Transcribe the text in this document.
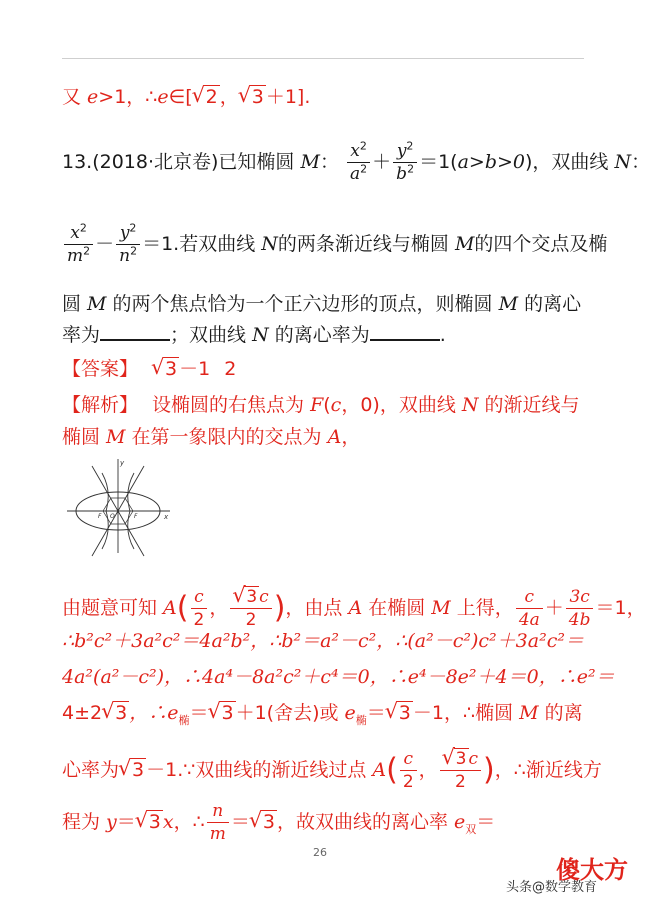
又 e>1，∴e∈[√ 2 ，√ 3 ＋1].
13.(2018·北京卷)已知椭圆 M： $\frac{x^2}{a^2} + \frac{y^2}{b^2} =1(a>b>0)$，双曲线 N：
$\frac{x^2}{m^2} - \frac{y^2}{n^2} =1$.若双曲线 N的两条渐近线与椭圆 M的四个交点及椭
圆 M 的两个焦点恰为一个正六边形的顶点，则椭圆 M 的离心
率为	；双曲线 N 的离心率为	.
【答案】√ 3 －1 2
【解析】 设椭圆的右焦点为 F(c，0)，双曲线 N 的渐近线与
椭圆 M 在第一象限内的交点为 A，
y
x
O
F	F
由题意可知 $A( \frac{c}{2}$ ，
√ $\frac{3 c}{2}$ )，由点 A 在椭圆 M 上得， $\frac{c}{4a} + \frac{3c}{4b} =1$，
∴b²c²＋3a²c²＝4a²b²，∴b²＝a²－c²，∴(a²－c²)c²＋3a²c²＝
4a²(a²－c²)，∴4a⁴－8a²c²＋c⁴＝0，∴e⁴－8e²＋4＝0，∴e²＝
4±2√ 3 ，$\therefore e_椭=√$ 3 ＋1(舍去)或 $e_椭=√$ 3 －1，∴椭圆 M 的离
心率为√ 3 －1.∵双曲线的渐近线过点 $A( \frac{c}{2}$ ，
√ $\frac{3 c}{2}$ )，∴渐近线方
程为 y＝√ 3 x，∴ $\frac{n}{m}$ ＝√ 3 ，故双曲线的离心率 $e_双=$
26
傻大方
头条@数学教育
